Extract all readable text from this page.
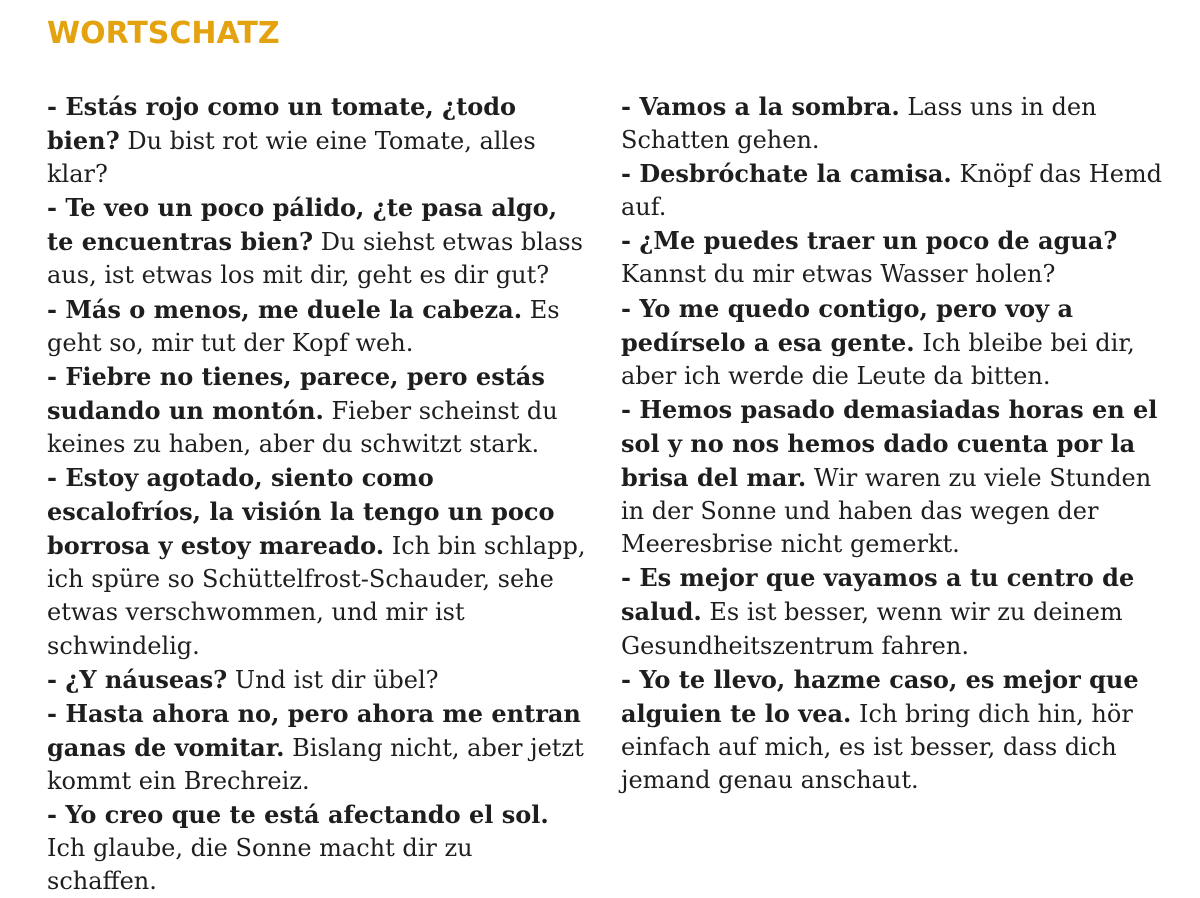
WORTSCHATZ

- Estás rojo como un tomate, ¿todo bien? Du bist rot wie eine Tomate, alles klar?

- Te veo un poco pálido, ¿te pasa algo, te encuentras bien? Du siehst etwas blass aus, ist etwas los mit dir, geht es dir gut?

- Más o menos, me duele la cabeza. Es geht so, mir tut der Kopf weh.

- Fiebre no tienes, parece, pero estás sudando un montón. Fieber scheinst du keines zu haben, aber du schwitzt stark.

- Estoy agotado, siento como escalofríos, la visión la tengo un poco borrosa y estoy mareado. Ich bin schlapp, ich spüre so Schüttelfrost-Schauder, sehe etwas verschwommen, und mir ist schwindelig.

- ¿Y náuseas? Und ist dir übel?

- Hasta ahora no, pero ahora me entran ganas de vomitar. Bislang nicht, aber jetzt kommt ein Brechreiz.

- Yo creo que te está afectando el sol. Ich glaube, die Sonne macht dir zu schaffen.

- Vamos a la sombra. Lass uns in den Schatten gehen.

- Desbróchate la camisa. Knöpf das Hemd auf.

- ¿Me puedes traer un poco de agua? Kannst du mir etwas Wasser holen?

- Yo me quedo contigo, pero voy a pedírselo a esa gente. Ich bleibe bei dir, aber ich werde die Leute da bitten.

- Hemos pasado demasiadas horas en el sol y no nos hemos dado cuenta por la brisa del mar. Wir waren zu viele Stunden in der Sonne und haben das wegen der Meeresbrise nicht gemerkt.

- Es mejor que vayamos a tu centro de salud. Es ist besser, wenn wir zu deinem Gesundheitszentrum fahren.

- Yo te llevo, hazme caso, es mejor que alguien te lo vea. Ich bring dich hin, hör einfach auf mich, es ist besser, dass dich jemand genau anschaut.
